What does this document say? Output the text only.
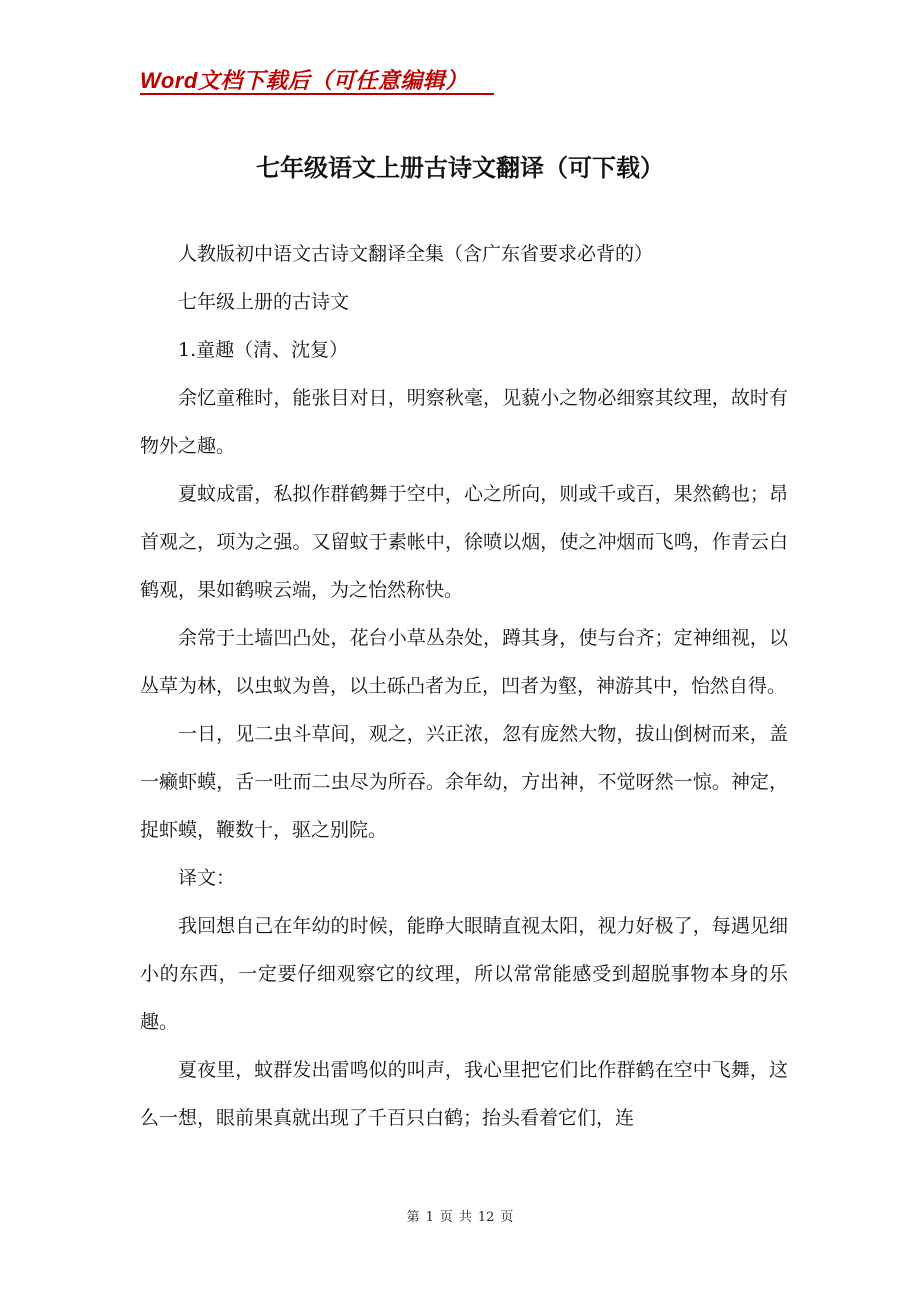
Word文档下载后（可任意编辑）
七年级语文上册古诗文翻译（可下载）

人教版初中语文古诗文翻译全集（含广东省要求必背的）

七年级上册的古诗文

1.童趣（清、沈复）

余忆童稚时，能张目对日，明察秋毫，见藐小之物必细察其纹理，故时有物外之趣。

夏蚊成雷，私拟作群鹤舞于空中，心之所向，则或千或百，果然鹤也；昂首观之，项为之强。又留蚊于素帐中，徐喷以烟，使之冲烟而飞鸣，作青云白鹤观，果如鹤唳云端，为之怡然称快。

余常于土墙凹凸处，花台小草丛杂处，蹲其身，使与台齐；定神细视，以丛草为林，以虫蚁为兽，以土砾凸者为丘，凹者为壑，神游其中，怡然自得。

一日，见二虫斗草间，观之，兴正浓，忽有庞然大物，拔山倒树而来，盖一癞虾蟆，舌一吐而二虫尽为所吞。余年幼，方出神，不觉呀然一惊。神定，捉虾蟆，鞭数十，驱之别院。

译文：

我回想自己在年幼的时候，能睁大眼睛直视太阳，视力好极了，每遇见细小的东西，一定要仔细观察它的纹理，所以常常能感受到超脱事物本身的乐趣。

夏夜里，蚊群发出雷鸣似的叫声，我心里把它们比作群鹤在空中飞舞，这么一想，眼前果真就出现了千百只白鹤；抬头看着它们，连

第 1 页 共 12 页
